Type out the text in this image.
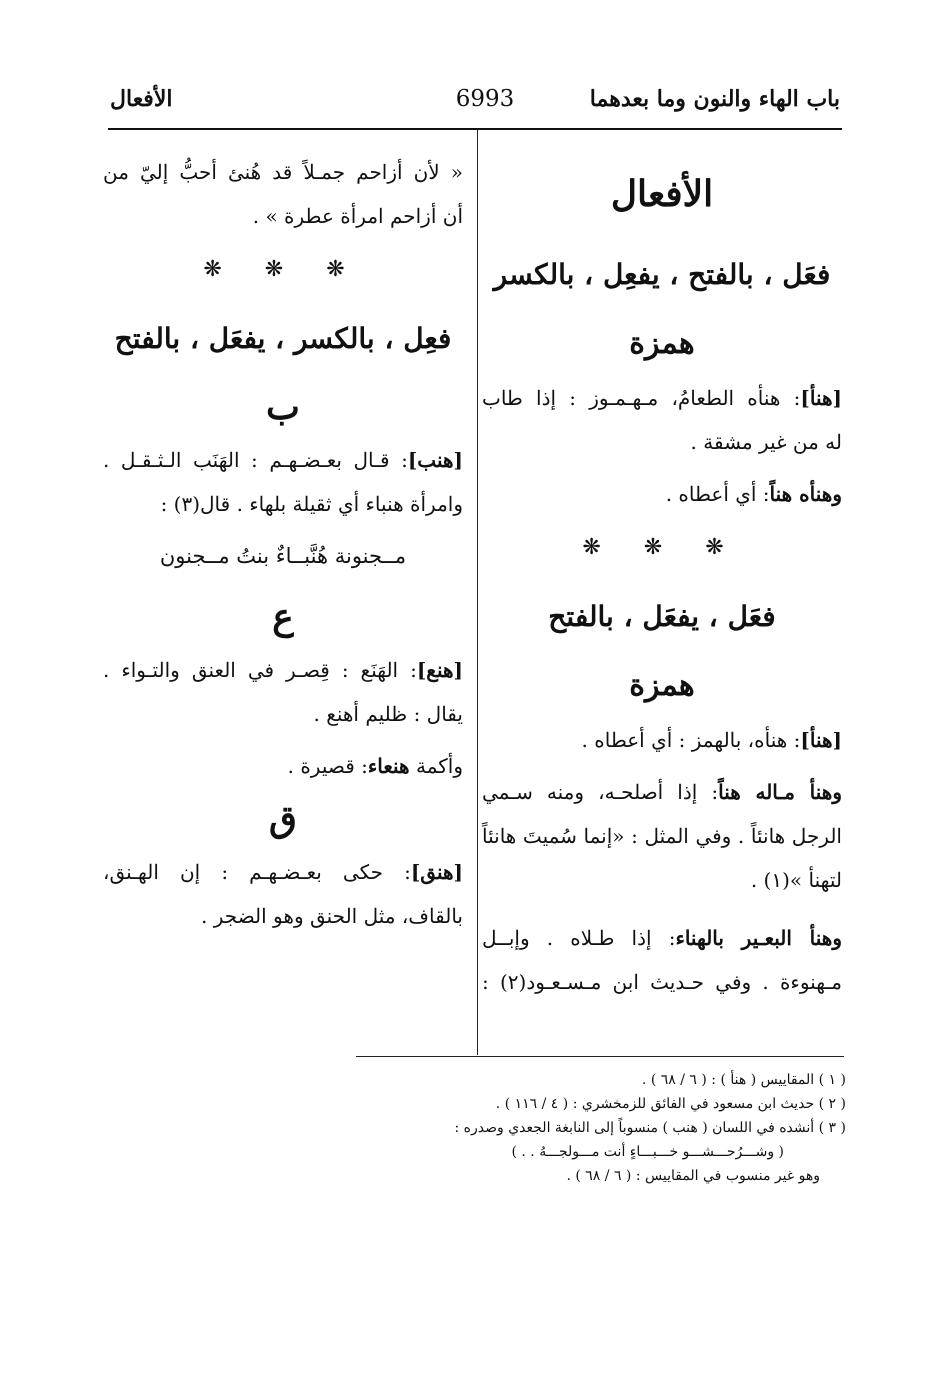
باب الهاء والنون وما بعدهما
6993
الأفعال
الأفعال
فعَل ، بالفتح ، يفعِل ، بالكسر
همزة
[هنأ]: هنأه الطعامُ، مـهـمـوز : إذا طاب
له من غير مشقة .
وهنأه هناً: أي أعطاه .
❋ ❋ ❋
فعَل ، يفعَل ، بالفتح
همزة
[هنأ]: هنأه، بالهمز : أي أعطاه .
وهنأ مـاله هناً: إذا أصلحـه، ومنه سـمي
الرجل هانئاً . وفي المثل : «إنما سُميتَ هانئاً
لتهنأ »(١) .
وهنأ البعـير بالهناء: إذا طـلاه . وإبــل
مـهنوءة . وفي حـديث ابن مـسـعـود(٢) :
« لأن أزاحم جمـلاً قد هُنئ أحبُّ إليّ من
أن أزاحم امرأة عطرة » .
❋ ❋ ❋
فعِل ، بالكسر ، يفعَل ، بالفتح
ب
[هنب]: قـال بعـضـهـم : الهَنَب الـثـقـل .
وامرأة هنباء أي ثقيلة بلهاء . قال(٣) :
مــجنونة هُنَّبــاءٌ بنتُ مــجنون
ع
[هنع]: الهَنَع : قِصـر في العنق والتـواء .
يقال : ظليم أهنع .
وأكمة هنعاء: قصيرة .
ق
[هنق]: حكى بعـضـهـم : إن الهـنق،
بالقاف، مثل الحنق وهو الضجر .
( ١ ) المقاييس ( هنأ ) : ( ٦ / ٦٨ ) .
( ٢ ) حديث ابن مسعود في الفائق للزمخشري : ( ٤ / ١١٦ ) .
( ٣ ) أنشده في اللسان ( هنب ) منسوباً إلى النابغة الجعدي وصدره :
( وشـــرُحـــشـــو خـــبـــاءٍ أنت مـــولجـــهُ . . )
وهو غير منسوب في المقاييس : ( ٦ / ٦٨ ) .
